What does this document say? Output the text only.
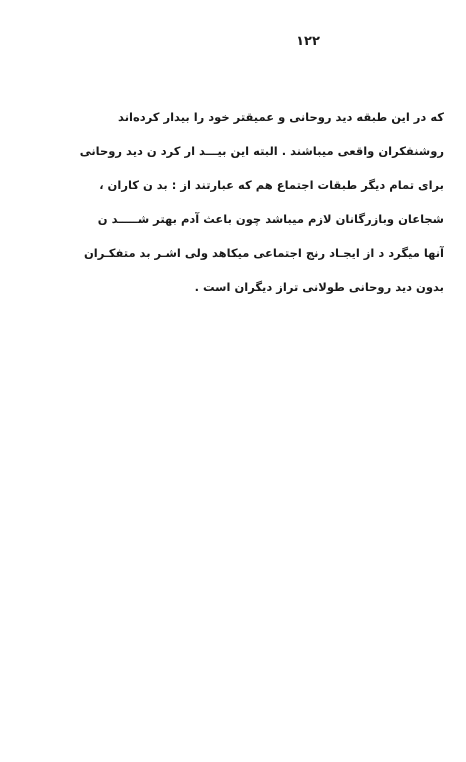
١٢٢
که در این طبقه دید روحانی و عمیقتر خود را بیدار کرده‌اند
روشنفکران واقعی میباشند . البته این بیـــد ار کرد ن دید روحانی
برای تمام دیگر طبقات اجتماع هم که عبارتند از : بد ن کاران ،
شجاعان وبازرگانان لازم میباشد چون باعث آدم بهتر شـــــد ن
آنها میگرد د از ایجـاد رنج اجتماعی میکاهد ولی اشـر بد متفکـران
بدون دید روحانی طولانی تراز دیگران است .
